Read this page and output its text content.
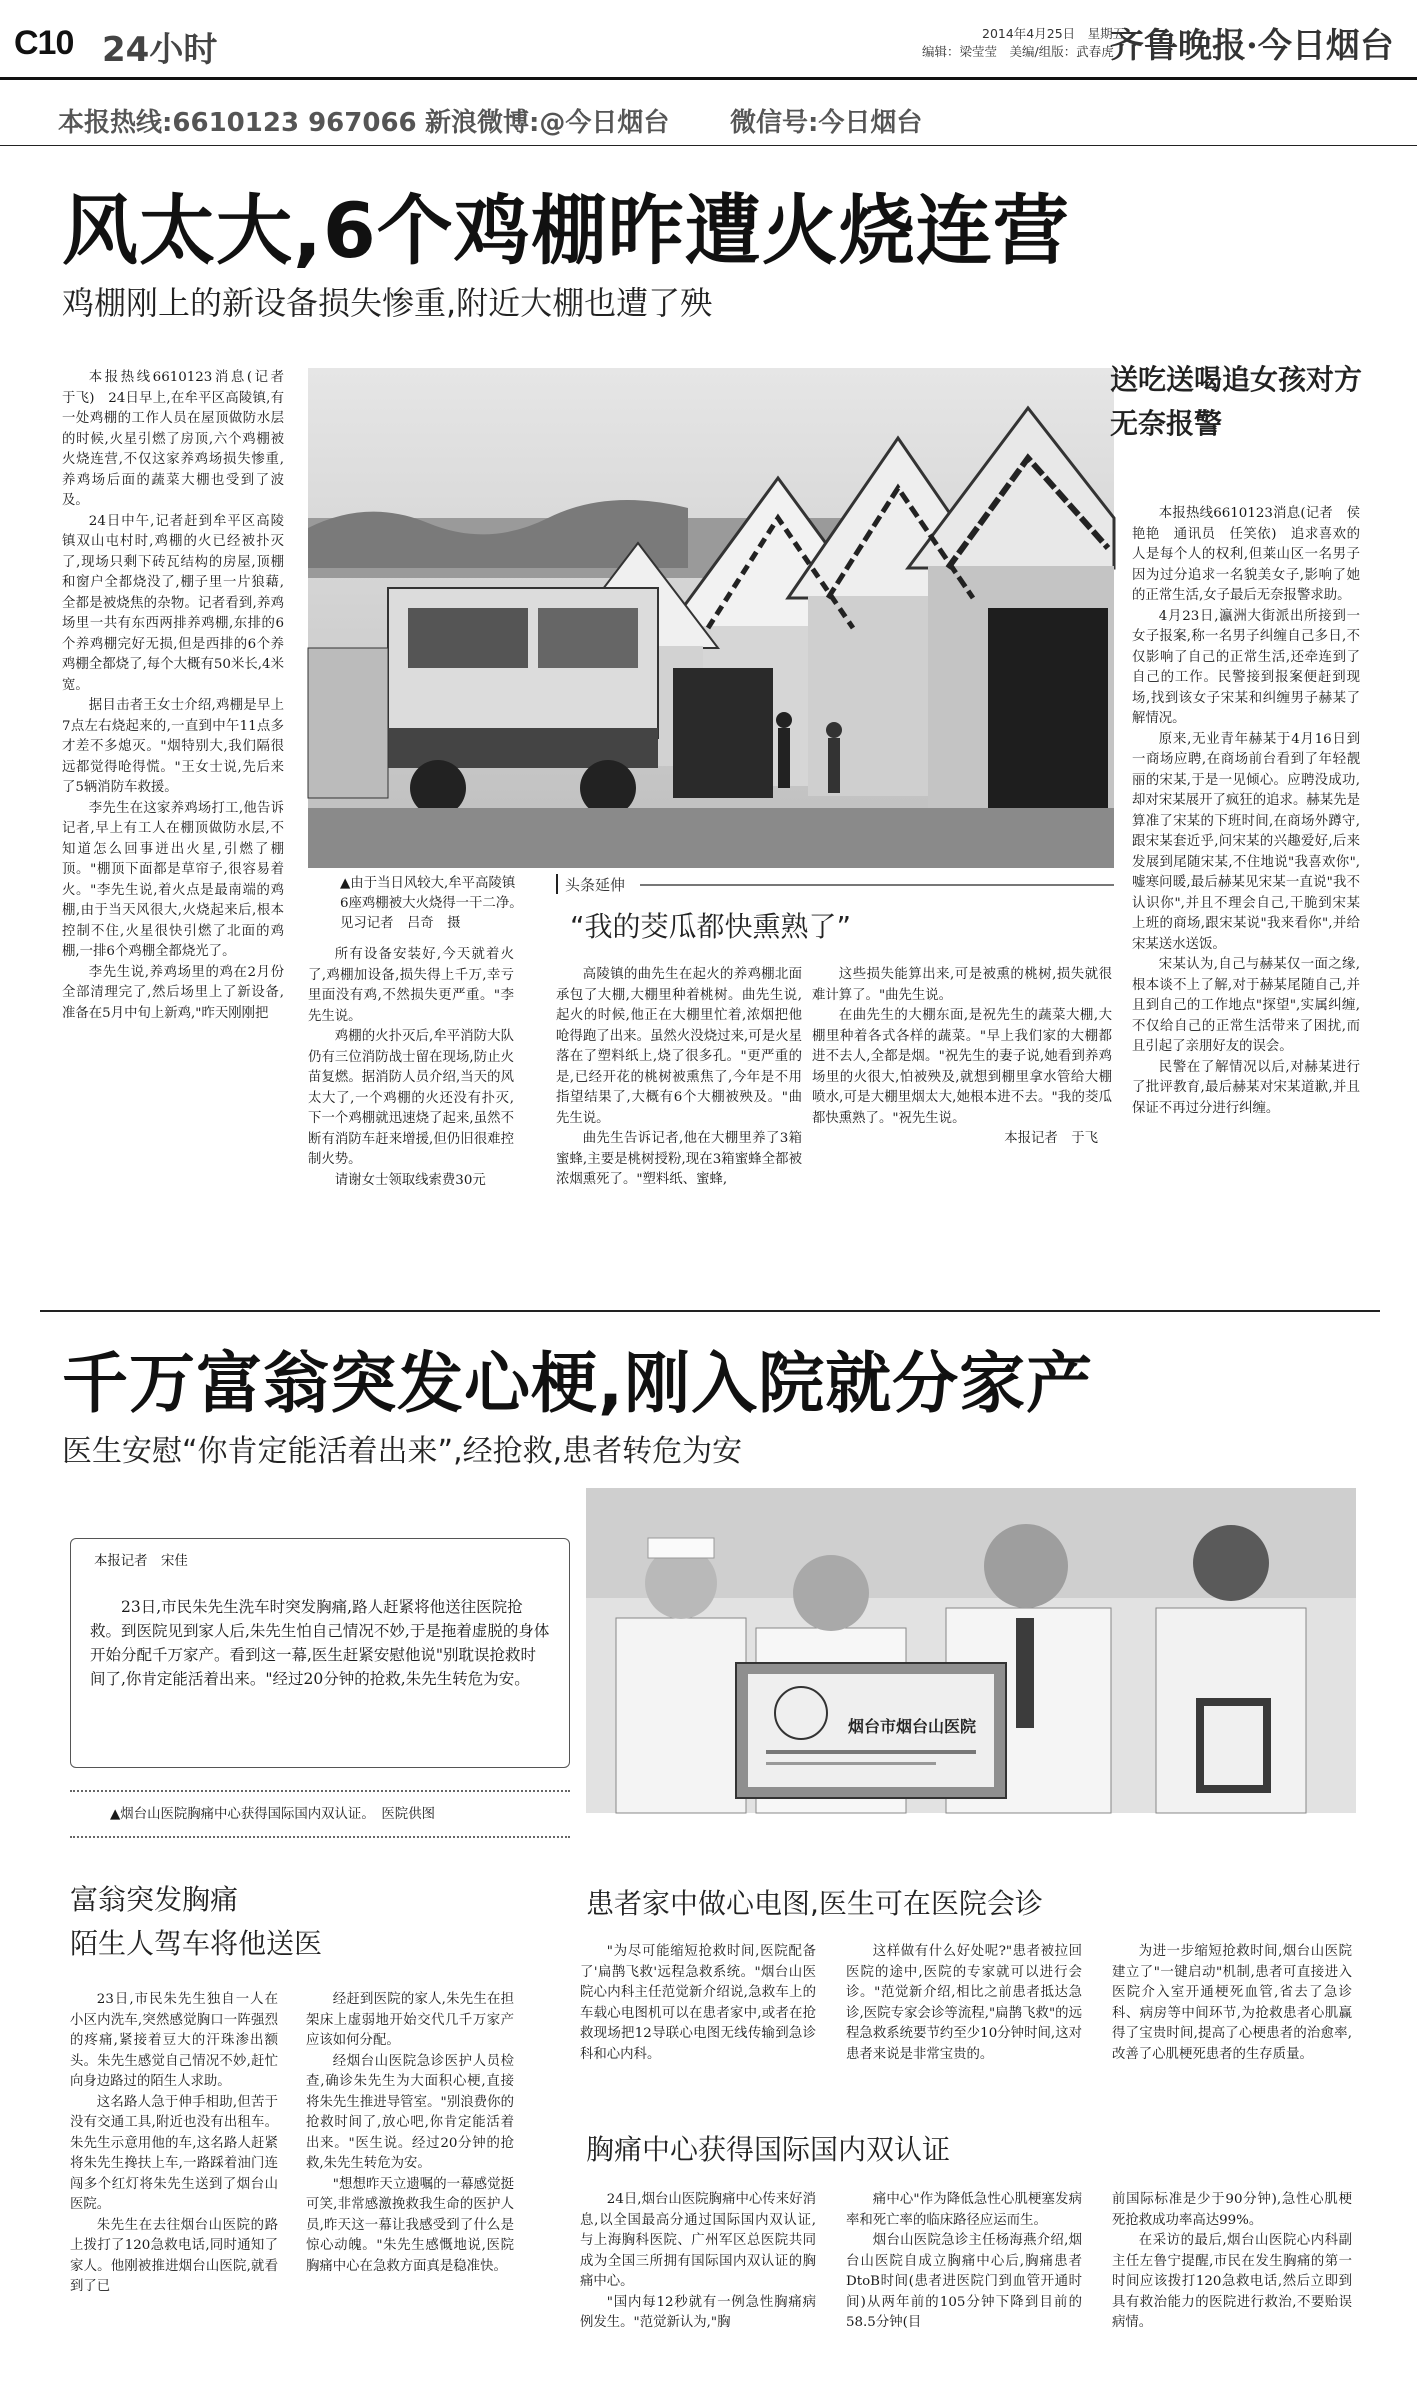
C10 24小时	2014年4月25日　星期五
编辑：梁莹莹　美编/组版：武春虎
齐鲁晚报·今日烟台
本报热线:6610123 967066 新浪微博:@今日烟台 微信号:今日烟台
风太大,6个鸡棚昨遭火烧连营
鸡棚刚上的新设备损失惨重,附近大棚也遭了殃

本报热线6610123消息(记者　于飞)　24日早上,在牟平区高陵镇,有一处鸡棚的工作人员在屋顶做防水层的时候,火星引燃了房顶,六个鸡棚被火烧连营,不仅这家养鸡场损失惨重,养鸡场后面的蔬菜大棚也受到了波及。

24日中午,记者赶到牟平区高陵镇双山屯村时,鸡棚的火已经被扑灭了,现场只剩下砖瓦结构的房屋,顶棚和窗户全都烧没了,棚子里一片狼藉,全都是被烧焦的杂物。记者看到,养鸡场里一共有东西两排养鸡棚,东排的6个养鸡棚完好无损,但是西排的6个养鸡棚全都烧了,每个大概有50米长,4米宽。

据目击者王女士介绍,鸡棚是早上7点左右烧起来的,一直到中午11点多才差不多熄灭。"烟特别大,我们隔很远都觉得呛得慌。"王女士说,先后来了5辆消防车救援。

李先生在这家养鸡场打工,他告诉记者,早上有工人在棚顶做防水层,不知道怎么回事迸出火星,引燃了棚顶。"棚顶下面都是草帘子,很容易着火。"李先生说,着火点是最南端的鸡棚,由于当天风很大,火烧起来后,根本控制不住,火星很快引燃了北面的鸡棚,一排6个鸡棚全都烧光了。

李先生说,养鸡场里的鸡在2月份全部清理完了,然后场里上了新设备,准备在5月中旬上新鸡,"昨天刚刚把

▲由于当日风较大,牟平高陵镇6座鸡棚被大火烧得一干二净。　见习记者　吕奇　摄

所有设备安装好,今天就着火了,鸡棚加设备,损失得上千万,幸亏里面没有鸡,不然损失更严重。"李先生说。

鸡棚的火扑灭后,牟平消防大队仍有三位消防战士留在现场,防止火苗复燃。据消防人员介绍,当天的风太大了,一个鸡棚的火还没有扑灭,下一个鸡棚就迅速烧了起来,虽然不断有消防车赶来增援,但仍旧很难控制火势。

请谢女士领取线索费30元

头条延伸
“我的茭瓜都快熏熟了”

高陵镇的曲先生在起火的养鸡棚北面承包了大棚,大棚里种着桃树。曲先生说,起火的时候,他正在大棚里忙着,浓烟把他呛得跑了出来。虽然火没烧过来,可是火星落在了塑料纸上,烧了很多孔。"更严重的是,已经开花的桃树被熏焦了,今年是不用指望结果了,大概有6个大棚被殃及。"曲先生说。

曲先生告诉记者,他在大棚里养了3箱蜜蜂,主要是桃树授粉,现在3箱蜜蜂全都被浓烟熏死了。"塑料纸、蜜蜂,

这些损失能算出来,可是被熏的桃树,损失就很难计算了。"曲先生说。

在曲先生的大棚东面,是祝先生的蔬菜大棚,大棚里种着各式各样的蔬菜。"早上我们家的大棚都进不去人,全都是烟。"祝先生的妻子说,她看到养鸡场里的火很大,怕被殃及,就想到棚里拿水管给大棚喷水,可是大棚里烟太大,她根本进不去。"我的茭瓜都快熏熟了。"祝先生说。

本报记者　于飞

送吃送喝追女孩对方无奈报警

本报热线6610123消息(记者　侯艳艳　通讯员　任笑依)　追求喜欢的人是每个人的权利,但莱山区一名男子因为过分追求一名貌美女子,影响了她的正常生活,女子最后无奈报警求助。

4月23日,瀛洲大街派出所接到一女子报案,称一名男子纠缠自己多日,不仅影响了自己的正常生活,还牵连到了自己的工作。民警接到报案便赶到现场,找到该女子宋某和纠缠男子赫某了解情况。

原来,无业青年赫某于4月16日到一商场应聘,在商场前台看到了年轻靓丽的宋某,于是一见倾心。应聘没成功,却对宋某展开了疯狂的追求。赫某先是算准了宋某的下班时间,在商场外蹲守,跟宋某套近乎,问宋某的兴趣爱好,后来发展到尾随宋某,不住地说"我喜欢你",嘘寒问暖,最后赫某见宋某一直说"我不认识你",并且不理会自己,干脆到宋某上班的商场,跟宋某说"我来看你",并给宋某送水送饭。

宋某认为,自己与赫某仅一面之缘,根本谈不上了解,对于赫某尾随自己,并且到自己的工作地点"探望",实属纠缠,不仅给自己的正常生活带来了困扰,而且引起了亲朋好友的误会。

民警在了解情况以后,对赫某进行了批评教育,最后赫某对宋某道歉,并且保证不再过分进行纠缠。

千万富翁突发心梗,刚入院就分家产
医生安慰“你肯定能活着出来”,经抢救,患者转危为安
本报记者　宋佳
23日,市民朱先生洗车时突发胸痛,路人赶紧将他送往医院抢救。到医院见到家人后,朱先生怕自己情况不妙,于是拖着虚脱的身体开始分配千万家产。看到这一幕,医生赶紧安慰他说"别耽误抢救时间了,你肯定能活着出来。"经过20分钟的抢救,朱先生转危为安。
烟台市烟台山医院
▲烟台山医院胸痛中心获得国际国内双认证。　医院供图
富翁突发胸痛
陌生人驾车将他送医

23日,市民朱先生独自一人在小区内洗车,突然感觉胸口一阵强烈的疼痛,紧接着豆大的汗珠渗出额头。朱先生感觉自己情况不妙,赶忙向身边路过的陌生人求助。

这名路人急于伸手相助,但苦于没有交通工具,附近也没有出租车。朱先生示意用他的车,这名路人赶紧将朱先生搀扶上车,一路踩着油门连闯多个红灯将朱先生送到了烟台山医院。

朱先生在去往烟台山医院的路上拨打了120急救电话,同时通知了家人。他刚被推进烟台山医院,就看到了已

经赶到医院的家人,朱先生在担架床上虚弱地开始交代几千万家产应该如何分配。

经烟台山医院急诊医护人员检查,确诊朱先生为大面积心梗,直接将朱先生推进导管室。"别浪费你的抢救时间了,放心吧,你肯定能活着出来。"医生说。经过20分钟的抢救,朱先生转危为安。

"想想昨天立遗嘱的一幕感觉挺可笑,非常感激挽救我生命的医护人员,昨天这一幕让我感受到了什么是惊心动魄。"朱先生感慨地说,医院胸痛中心在急救方面真是稳准快。

患者家中做心电图,医生可在医院会诊

"为尽可能缩短抢救时间,医院配备了'扁鹊飞救'远程急救系统。"烟台山医院心内科主任范觉新介绍说,急救车上的车载心电图机可以在患者家中,或者在抢救现场把12导联心电图无线传输到急诊科和心内科。

这样做有什么好处呢?"患者被拉回医院的途中,医院的专家就可以进行会诊。"范觉新介绍,相比之前患者抵达急诊,医院专家会诊等流程,"扁鹊飞救"的远程急救系统要节约至少10分钟时间,这对患者来说是非常宝贵的。

为进一步缩短抢救时间,烟台山医院建立了"一键启动"机制,患者可直接进入医院介入室开通梗死血管,省去了急诊科、病房等中间环节,为抢救患者心肌赢得了宝贵时间,提高了心梗患者的治愈率,改善了心肌梗死患者的生存质量。

胸痛中心获得国际国内双认证

24日,烟台山医院胸痛中心传来好消息,以全国最高分通过国际国内双认证,与上海胸科医院、广州军区总医院共同成为全国三所拥有国际国内双认证的胸痛中心。

"国内每12秒就有一例急性胸痛病例发生。"范觉新认为,"胸

痛中心"作为降低急性心肌梗塞发病率和死亡率的临床路径应运而生。

烟台山医院急诊主任杨海燕介绍,烟台山医院自成立胸痛中心后,胸痛患者DtoB时间(患者进医院门到血管开通时间)从两年前的105分钟下降到目前的58.5分钟(目

前国际标准是少于90分钟),急性心肌梗死抢救成功率高达99%。

在采访的最后,烟台山医院心内科副主任左鲁宁提醒,市民在发生胸痛的第一时间应该拨打120急救电话,然后立即到具有救治能力的医院进行救治,不要贻误病情。
